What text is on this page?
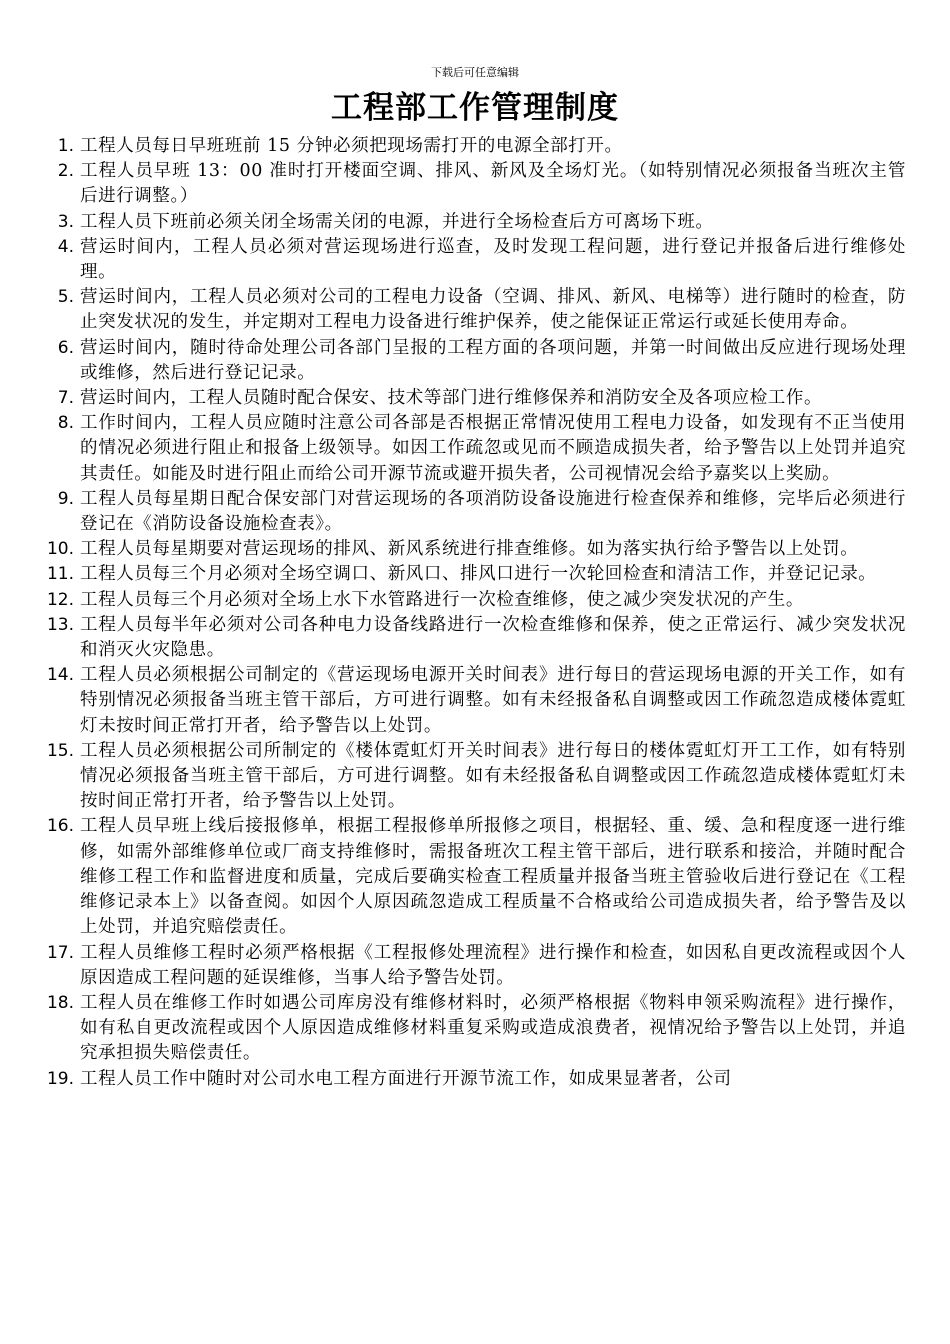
下载后可任意编辑
工程部工作管理制度
1. 工程人员每日早班班前 15 分钟必须把现场需打开的电源全部打开。
2. 工程人员早班 13：00 准时打开楼面空调、排风、新风及全场灯光。（如特别情况必须报备当班次主管后进行调整。）
3. 工程人员下班前必须关闭全场需关闭的电源，并进行全场检查后方可离场下班。
4. 营运时间内，工程人员必须对营运现场进行巡查，及时发现工程问题，进行登记并报备后进行维修处理。
5. 营运时间内，工程人员必须对公司的工程电力设备（空调、排风、新风、电梯等）进行随时的检查，防止突发状况的发生，并定期对工程电力设备进行维护保养，使之能保证正常运行或延长使用寿命。
6. 营运时间内，随时待命处理公司各部门呈报的工程方面的各项问题，并第一时间做出反应进行现场处理或维修，然后进行登记记录。
7. 营运时间内，工程人员随时配合保安、技术等部门进行维修保养和消防安全及各项应检工作。
8. 工作时间内，工程人员应随时注意公司各部是否根据正常情况使用工程电力设备，如发现有不正当使用的情况必须进行阻止和报备上级领导。如因工作疏忽或见而不顾造成损失者，给予警告以上处罚并追究其责任。如能及时进行阻止而给公司开源节流或避开损失者，公司视情况会给予嘉奖以上奖励。
9. 工程人员每星期日配合保安部门对营运现场的各项消防设备设施进行检查保养和维修，完毕后必须进行登记在《消防设备设施检查表》。
10. 工程人员每星期要对营运现场的排风、新风系统进行排查维修。如为落实执行给予警告以上处罚。
11. 工程人员每三个月必须对全场空调口、新风口、排风口进行一次轮回检查和清洁工作，并登记记录。
12. 工程人员每三个月必须对全场上水下水管路进行一次检查维修，使之减少突发状况的产生。
13. 工程人员每半年必须对公司各种电力设备线路进行一次检查维修和保养，使之正常运行、减少突发状况和消灭火灾隐患。
14. 工程人员必须根据公司制定的《营运现场电源开关时间表》进行每日的营运现场电源的开关工作，如有特别情况必须报备当班主管干部后，方可进行调整。如有未经报备私自调整或因工作疏忽造成楼体霓虹灯未按时间正常打开者，给予警告以上处罚。
15. 工程人员必须根据公司所制定的《楼体霓虹灯开关时间表》进行每日的楼体霓虹灯开工工作，如有特别情况必须报备当班主管干部后，方可进行调整。如有未经报备私自调整或因工作疏忽造成楼体霓虹灯未按时间正常打开者，给予警告以上处罚。
16. 工程人员早班上线后接报修单，根据工程报修单所报修之项目，根据轻、重、缓、急和程度逐一进行维修，如需外部维修单位或厂商支持维修时，需报备班次工程主管干部后，进行联系和接洽，并随时配合维修工程工作和监督进度和质量，完成后要确实检查工程质量并报备当班主管验收后进行登记在《工程维修记录本上》以备查阅。如因个人原因疏忽造成工程质量不合格或给公司造成损失者，给予警告及以上处罚，并追究赔偿责任。
17. 工程人员维修工程时必须严格根据《工程报修处理流程》进行操作和检查，如因私自更改流程或因个人原因造成工程问题的延误维修，当事人给予警告处罚。
18. 工程人员在维修工作时如遇公司库房没有维修材料时，必须严格根据《物料申领采购流程》进行操作，如有私自更改流程或因个人原因造成维修材料重复采购或造成浪费者，视情况给予警告以上处罚，并追究承担损失赔偿责任。
19. 工程人员工作中随时对公司水电工程方面进行开源节流工作，如成果显著者，公司
